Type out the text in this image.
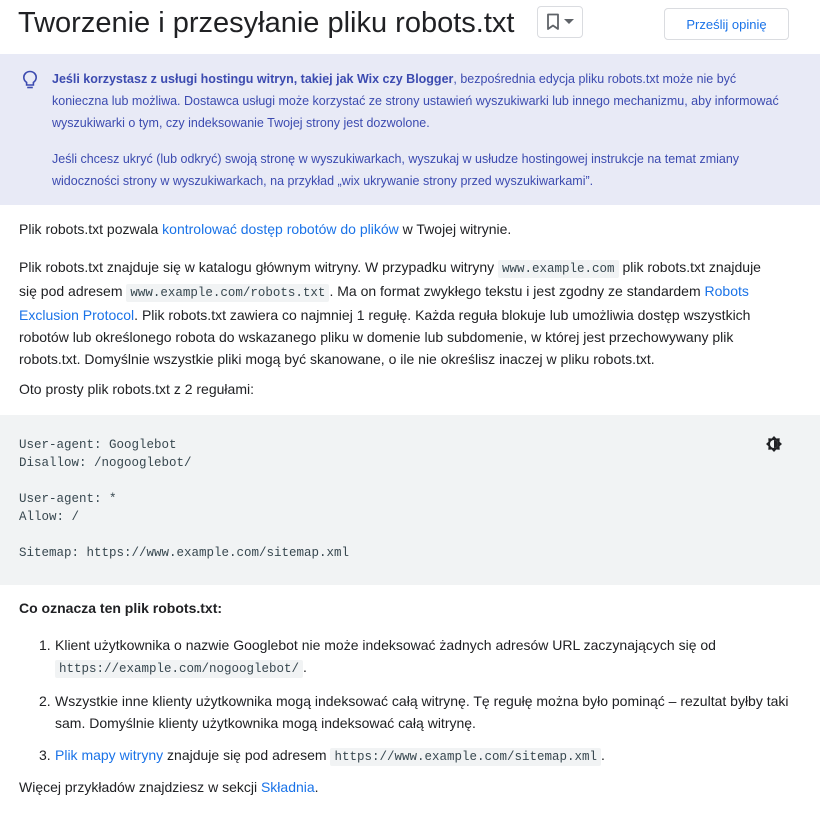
Tworzenie i przesyłanie pliku robots.txt	Prześlij opinię

Jeśli korzystasz z usługi hostingu witryn, takiej jak Wix czy Blogger, bezpośrednia edycja pliku robots.txt może nie być konieczna lub możliwa. Dostawca usługi może korzystać ze strony ustawień wyszukiwarki lub innego mechanizmu, aby informować wyszukiwarki o tym, czy indeksowanie Twojej strony jest dozwolone.

Jeśli chcesz ukryć (lub odkryć) swoją stronę w wyszukiwarkach, wyszukaj w usłudze hostingowej instrukcje na temat zmiany widoczności strony w wyszukiwarkach, na przykład „wix ukrywanie strony przed wyszukiwarkami”.

Plik robots.txt pozwala kontrolować dostęp robotów do plików w Twojej witrynie.

Plik robots.txt znajduje się w katalogu głównym witryny. W przypadku witryny www.example.com plik robots.txt znajduje się pod adresem www.example.com/robots.txt . Ma on format zwykłego tekstu i jest zgodny ze standardem Robots Exclusion Protocol. Plik robots.txt zawiera co najmniej 1 regułę. Każda reguła blokuje lub umożliwia dostęp wszystkich robotów lub określonego robota do wskazanego pliku w domenie lub subdomenie, w której jest przechowywany plik robots.txt. Domyślnie wszystkie pliki mogą być skanowane, o ile nie określisz inaczej w pliku robots.txt.

Oto prosty plik robots.txt z 2 regułami:

User-agent: Googlebot
Disallow: /nogooglebot/

User-agent: *
Allow: /

Sitemap: https://www.example.com/sitemap.xml

Co oznacza ten plik robots.txt:

1. Klient użytkownika o nazwie Googlebot nie może indeksować żadnych adresów URL zaczynających się od https://example.com/nogooglebot/ .
2. Wszystkie inne klienty użytkownika mogą indeksować całą witrynę. Tę regułę można było pominąć – rezultat byłby taki sam. Domyślnie klienty użytkownika mogą indeksować całą witrynę.
3. Plik mapy witryny znajduje się pod adresem https://www.example.com/sitemap.xml .

Więcej przykładów znajdziesz w sekcji Składnia.
